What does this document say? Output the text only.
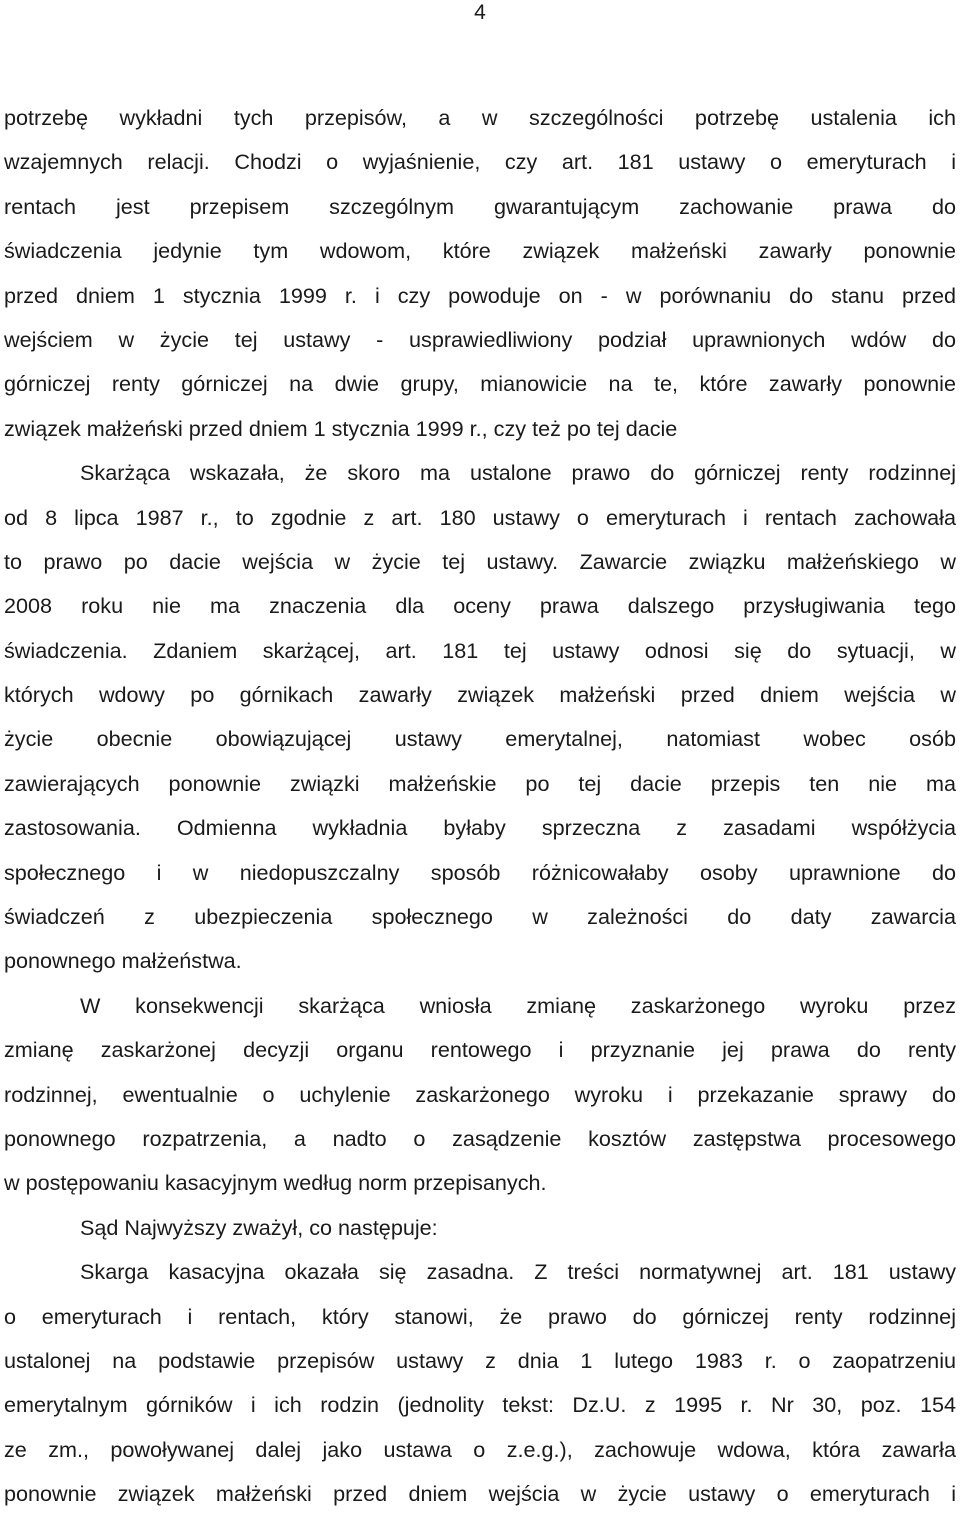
4
potrzebę wykładni tych przepisów, a w szczególności potrzebę ustalenia ich
wzajemnych relacji. Chodzi o wyjaśnienie, czy art. 181 ustawy o emeryturach i
rentach jest przepisem szczególnym gwarantującym zachowanie prawa do
świadczenia jedynie tym wdowom, które związek małżeński zawarły ponownie
przed dniem 1 stycznia 1999 r. i czy powoduje on - w porównaniu do stanu przed
wejściem w życie tej ustawy - usprawiedliwiony podział uprawnionych wdów do
górniczej renty górniczej na dwie grupy, mianowicie na te, które zawarły ponownie
związek małżeński przed dniem 1 stycznia 1999 r., czy też po tej dacie
Skarżąca wskazała, że skoro ma ustalone prawo do górniczej renty rodzinnej
od 8 lipca 1987 r., to zgodnie z art. 180 ustawy o emeryturach i rentach zachowała
to prawo po dacie wejścia w życie tej ustawy. Zawarcie związku małżeńskiego w
2008 roku nie ma znaczenia dla oceny prawa dalszego przysługiwania tego
świadczenia. Zdaniem skarżącej, art. 181 tej ustawy odnosi się do sytuacji, w
których wdowy po górnikach zawarły związek małżeński przed dniem wejścia w
życie obecnie obowiązującej ustawy emerytalnej, natomiast wobec osób
zawierających ponownie związki małżeńskie po tej dacie przepis ten nie ma
zastosowania. Odmienna wykładnia byłaby sprzeczna z zasadami współżycia
społecznego i w niedopuszczalny sposób różnicowałaby osoby uprawnione do
świadczeń z ubezpieczenia społecznego w zależności do daty zawarcia
ponownego małżeństwa.
W konsekwencji skarżąca wniosła zmianę zaskarżonego wyroku przez
zmianę zaskarżonej decyzji organu rentowego i przyznanie jej prawa do renty
rodzinnej, ewentualnie o uchylenie zaskarżonego wyroku i przekazanie sprawy do
ponownego rozpatrzenia, a nadto o zasądzenie kosztów zastępstwa procesowego
w postępowaniu kasacyjnym według norm przepisanych.
Sąd Najwyższy zważył, co następuje:
Skarga kasacyjna okazała się zasadna. Z treści normatywnej art. 181 ustawy
o emeryturach i rentach, który stanowi, że prawo do górniczej renty rodzinnej
ustalonej na podstawie przepisów ustawy z dnia 1 lutego 1983 r. o zaopatrzeniu
emerytalnym górników i ich rodzin (jednolity tekst: Dz.U. z 1995 r. Nr 30, poz. 154
ze zm., powoływanej dalej jako ustawa o z.e.g.), zachowuje wdowa, która zawarła
ponownie związek małżeński przed dniem wejścia w życie ustawy o emeryturach i
